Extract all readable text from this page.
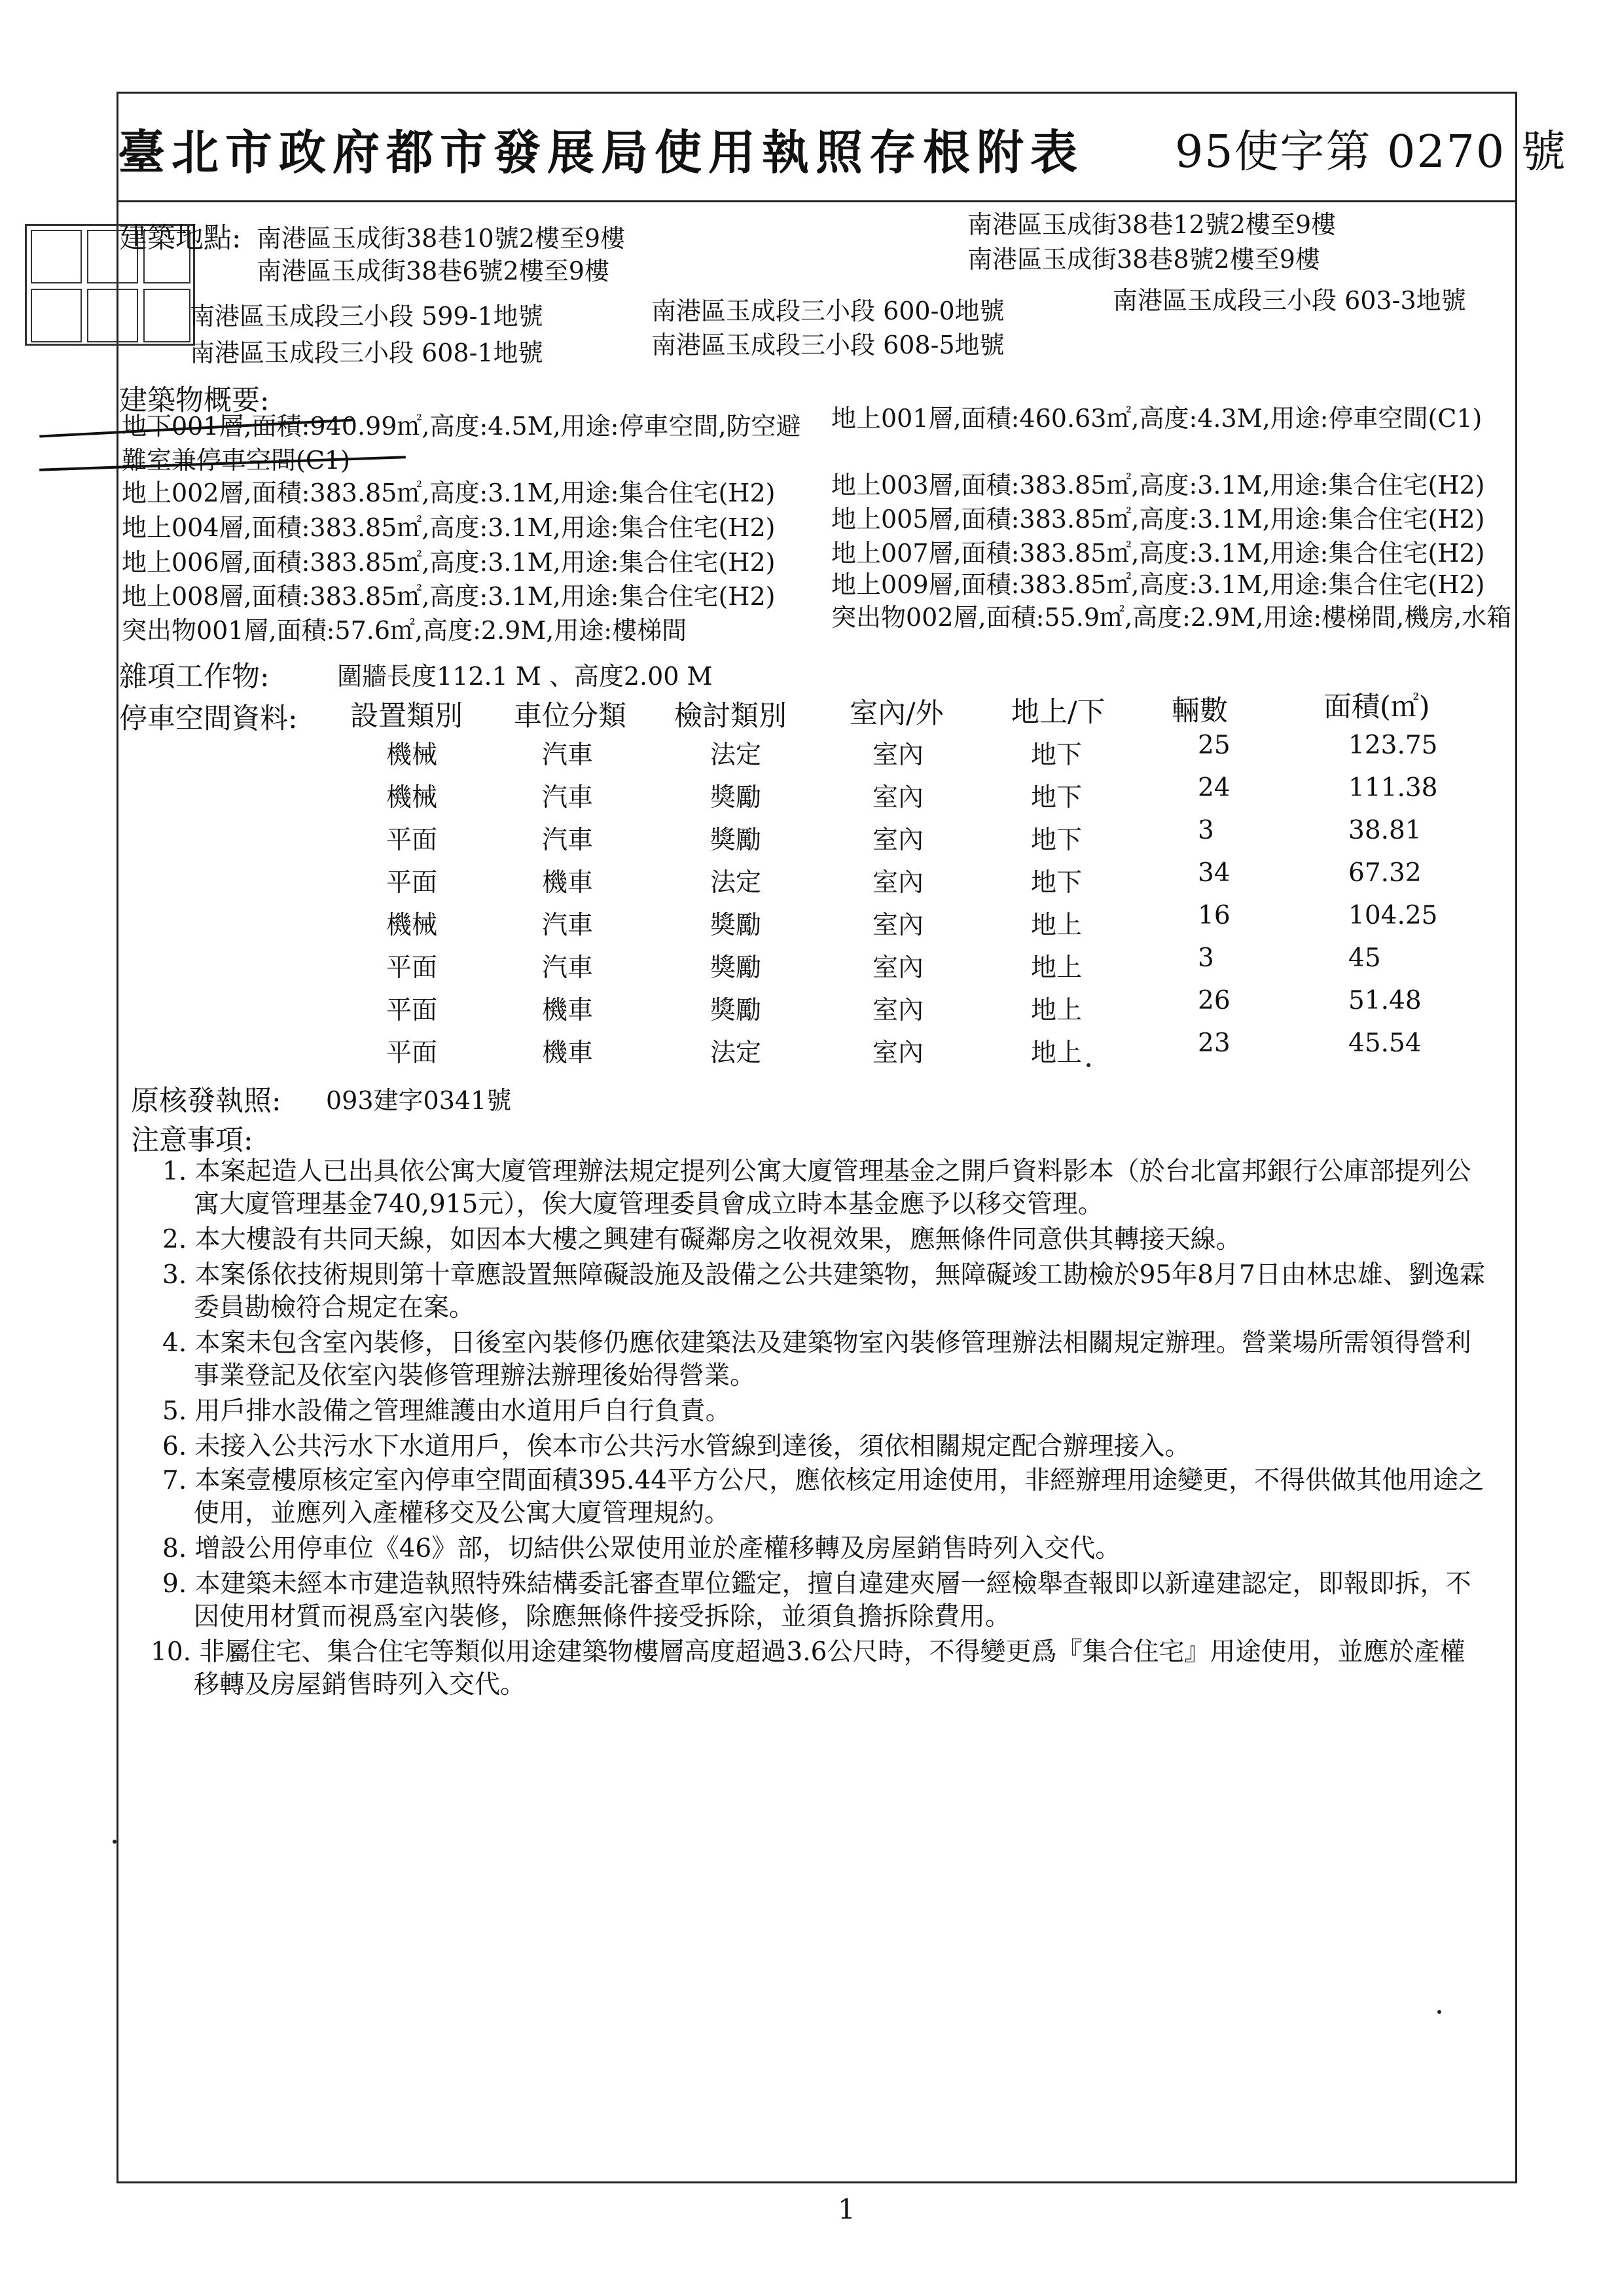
臺北市政府都市發展局使用執照存根附表 95使字第 0270 號
建築地點: 南港區玉成街38巷10號2樓至9樓	南港區玉成街38巷12號2樓至9樓
南港區玉成街38巷6號2樓至9樓	南港區玉成街38巷8號2樓至9樓
南港區玉成段三小段 599-1地號	南港區玉成段三小段 600-0地號	南港區玉成段三小段 603-3地號
南港區玉成段三小段 608-1地號	南港區玉成段三小段 608-5地號
建築物概要:
地下001層,面積:940.99㎡,高度:4.5M,用途:停車空間,防空避
難室兼停車空間(C1)
地上002層,面積:383.85㎡,高度:3.1M,用途:集合住宅(H2)
地上004層,面積:383.85㎡,高度:3.1M,用途:集合住宅(H2)
地上006層,面積:383.85㎡,高度:3.1M,用途:集合住宅(H2)
地上008層,面積:383.85㎡,高度:3.1M,用途:集合住宅(H2)
突出物001層,面積:57.6㎡,高度:2.9M,用途:樓梯間
地上001層,面積:460.63㎡,高度:4.3M,用途:停車空間(C1)
地上003層,面積:383.85㎡,高度:3.1M,用途:集合住宅(H2)
地上005層,面積:383.85㎡,高度:3.1M,用途:集合住宅(H2)
地上007層,面積:383.85㎡,高度:3.1M,用途:集合住宅(H2)
地上009層,面積:383.85㎡,高度:3.1M,用途:集合住宅(H2)
突出物002層,面積:55.9㎡,高度:2.9M,用途:樓梯間,機房,水箱
雜項工作物:	圍牆長度112.1 M 、高度2.00 M
停車空間資料: 設置類別 車位分類 檢討類別 室內/外 地上/下 輛數	面積(㎡)
機械	汽車	法定	室內	地下	25	123.75
機械	汽車	獎勵	室內	地下	24	111.38
平面	汽車	獎勵	室內	地下	3	38.81
平面	機車	法定	室內	地下	34	67.32
機械	汽車	獎勵	室內	地上	16	104.25
平面	汽車	獎勵	室內	地上	3	45
平面	機車	獎勵	室內	地上	26	51.48
平面	機車	法定	室內	地上	23	45.54
原核發執照: 093建字0341號
注意事項:
1. 本案起造人已出具依公寓大廈管理辦法規定提列公寓大廈管理基金之開戶資料影本（於台北富邦銀行公庫部提列公
寓大廈管理基金740,915元），俟大廈管理委員會成立時本基金應予以移交管理。
2. 本大樓設有共同天線，如因本大樓之興建有礙鄰房之收視效果，應無條件同意供其轉接天線。
3. 本案係依技術規則第十章應設置無障礙設施及設備之公共建築物，無障礙竣工勘檢於95年8月7日由林忠雄、劉逸霖
委員勘檢符合規定在案。
4. 本案未包含室內裝修，日後室內裝修仍應依建築法及建築物室內裝修管理辦法相關規定辦理。營業場所需領得營利
事業登記及依室內裝修管理辦法辦理後始得營業。
5. 用戶排水設備之管理維護由水道用戶自行負責。
6. 未接入公共污水下水道用戶，俟本市公共污水管線到達後，須依相關規定配合辦理接入。
7. 本案壹樓原核定室內停車空間面積395.44平方公尺，應依核定用途使用，非經辦理用途變更，不得供做其他用途之
使用，並應列入產權移交及公寓大廈管理規約。
8. 增設公用停車位《46》部，切結供公眾使用並於產權移轉及房屋銷售時列入交代。
9. 本建築未經本市建造執照特殊結構委託審查單位鑑定，擅自違建夾層一經檢舉查報即以新違建認定，即報即拆，不
因使用材質而視爲室內裝修，除應無條件接受拆除，並須負擔拆除費用。
10. 非屬住宅、集合住宅等類似用途建築物樓層高度超過3.6公尺時，不得變更爲『集合住宅』用途使用，並應於產權
移轉及房屋銷售時列入交代。
1
